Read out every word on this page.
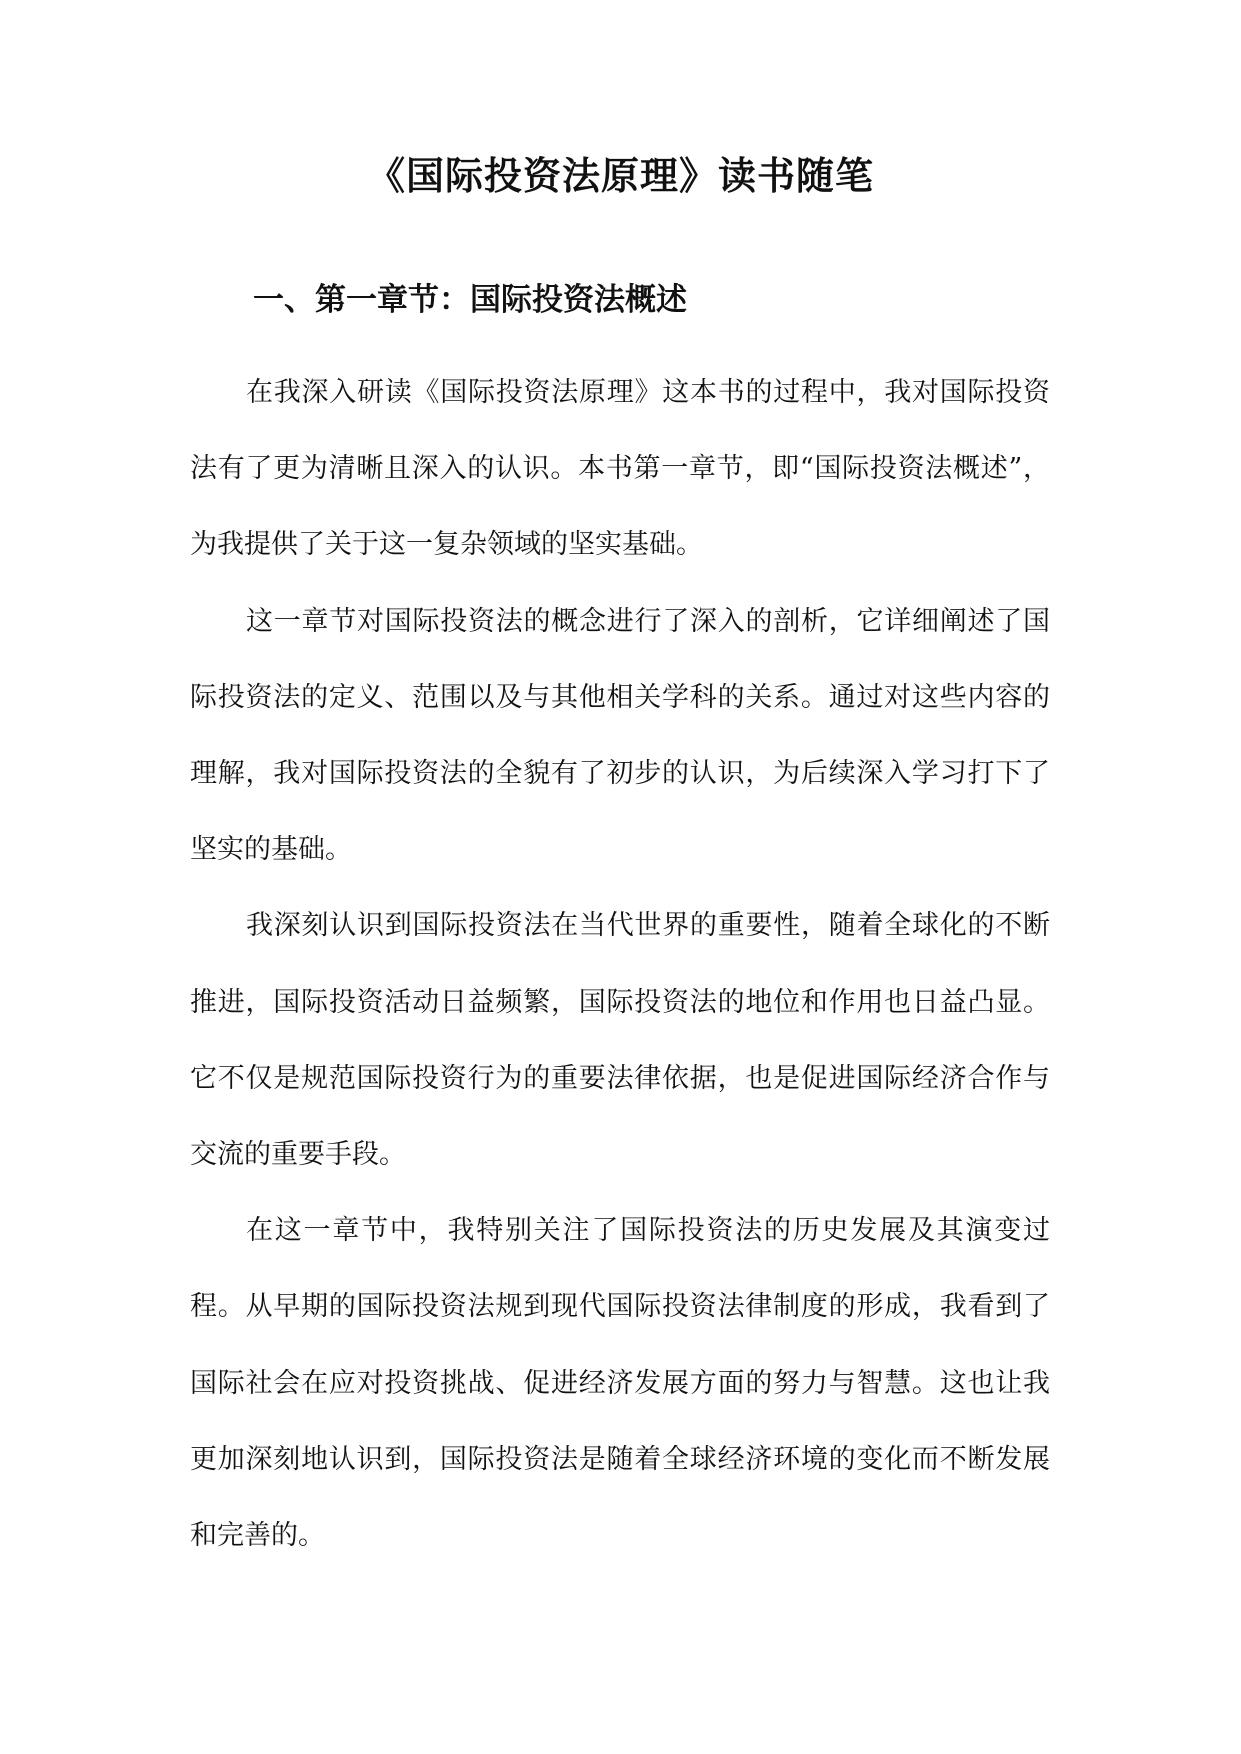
《国际投资法原理》读书随笔
一、第一章节：国际投资法概述

在我深入研读《国际投资法原理》这本书的过程中，我对国际投资法有了更为清晰且深入的认识。本书第一章节，即“国际投资法概述”，为我提供了关于这一复杂领域的坚实基础。

这一章节对国际投资法的概念进行了深入的剖析，它详细阐述了国际投资法的定义、范围以及与其他相关学科的关系。通过对这些内容的理解，我对国际投资法的全貌有了初步的认识，为后续深入学习打下了坚实的基础。

我深刻认识到国际投资法在当代世界的重要性，随着全球化的不断推进，国际投资活动日益频繁，国际投资法的地位和作用也日益凸显。它不仅是规范国际投资行为的重要法律依据，也是促进国际经济合作与交流的重要手段。

在这一章节中，我特别关注了国际投资法的历史发展及其演变过程。从早期的国际投资法规到现代国际投资法律制度的形成，我看到了国际社会在应对投资挑战、促进经济发展方面的努力与智慧。这也让我更加深刻地认识到，国际投资法是随着全球经济环境的变化而不断发展和完善的。
